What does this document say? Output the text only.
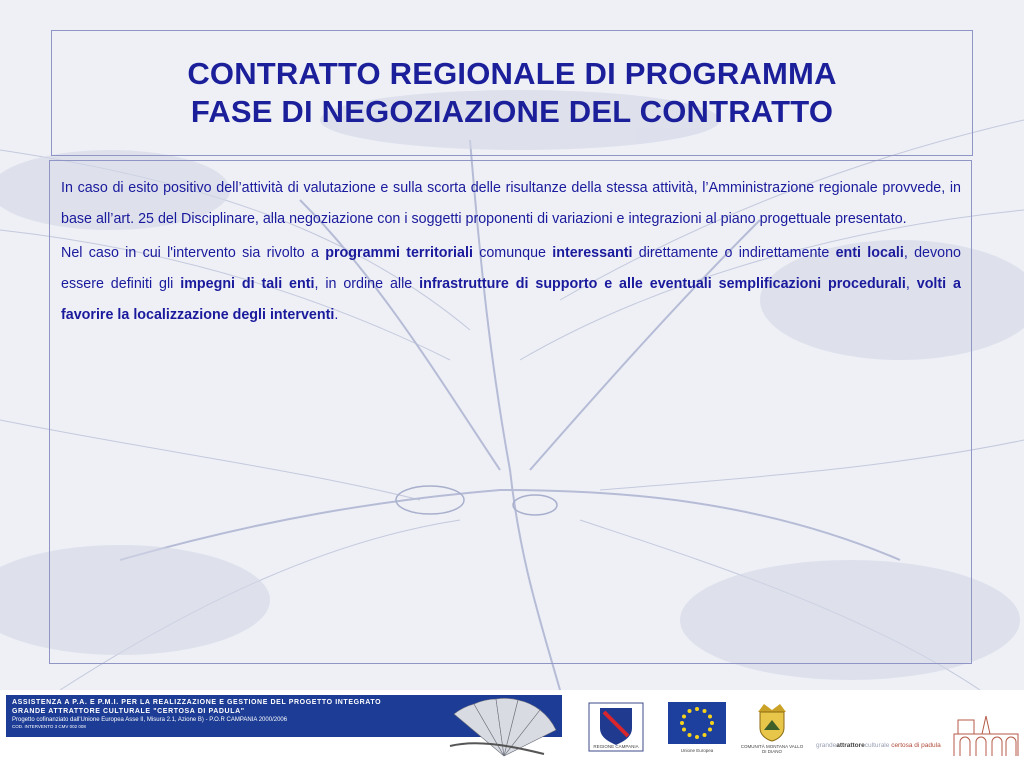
CONTRATTO REGIONALE DI PROGRAMMA
FASE DI NEGOZIAZIONE DEL CONTRATTO

In caso di esito positivo dell’attività di valutazione e sulla scorta delle risultanze della stessa attività, l’Amministrazione regionale provvede, in base all’art. 25 del Disciplinare, alla negoziazione con i soggetti proponenti di variazioni e integrazioni al piano progettuale presentato.

Nel caso in cui l'intervento sia rivolto a programmi territoriali comunque interessanti direttamente o indirettamente enti locali, devono essere definiti gli impegni di tali enti, in ordine alle infrastrutture di supporto e alle eventuali semplificazioni procedurali, volti a favorire la localizzazione degli interventi.

ASSISTENZA A P.A. E P.M.I. PER LA REALIZZAZIONE E GESTIONE DEL PROGETTO INTEGRATO
GRANDE ATTRATTORE CULTURALE "CERTOSA DI PADULA"
Progetto cofinanziato dall'Unione Europea Asse II, Misura 2.1, Azione B) - P.O.R CAMPANIA 2000/2006
COD. INTERVENTO 3 CMV 002 008
REGIONE CAMPANIA
Unione Europea
COMUNITÀ MONTANA VALLO DI DIANO
grandeattrattoreculturale certosa di padula
